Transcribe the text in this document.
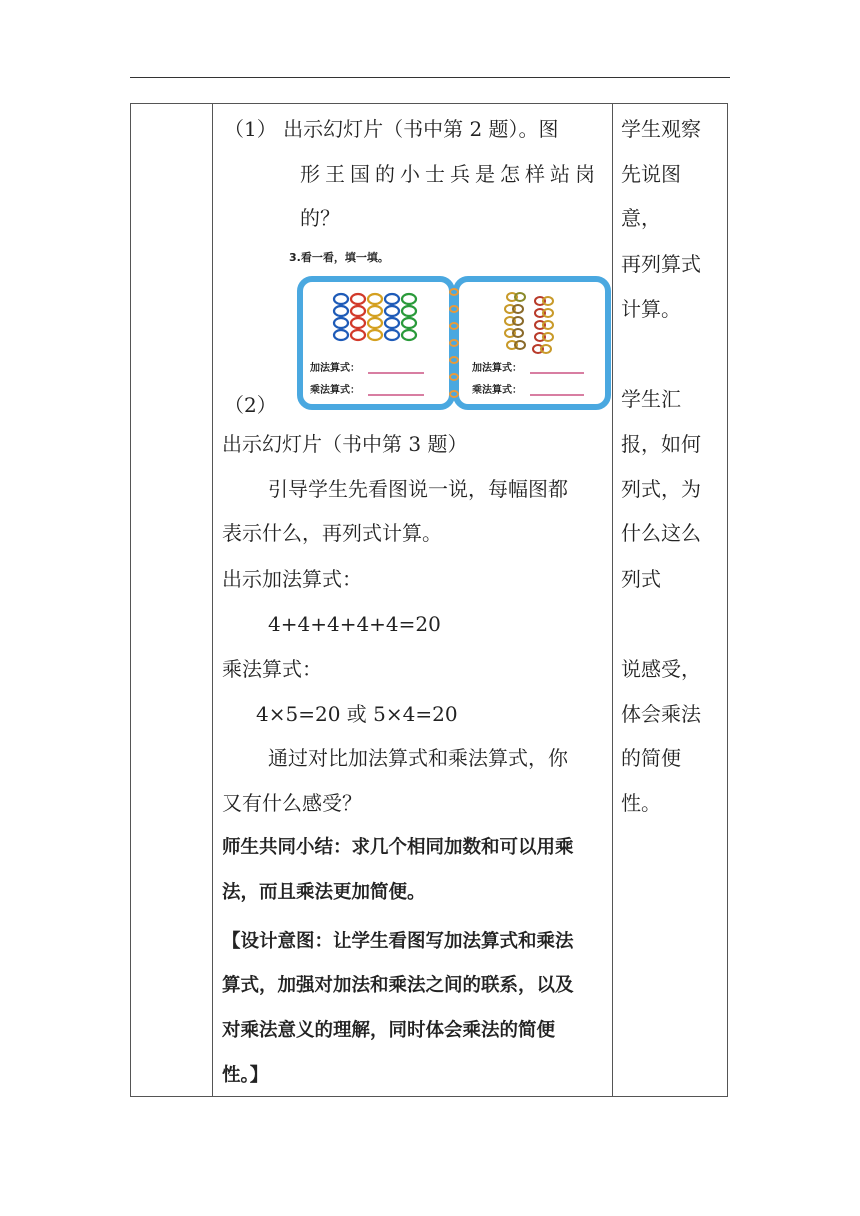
（1） 出示幻灯片（书中第 2 题）。图
形王国的小士兵是怎样站岗
的？
3.看一看，填一填。
加法算式：
乘法算式：
加法算式：
乘法算式：
（2）
出示幻灯片（书中第 3 题）
引导学生先看图说一说，每幅图都
表示什么，再列式计算。
出示加法算式：
4+4+4+4+4=20
乘法算式：
4×5=20 或 5×4=20
通过对比加法算式和乘法算式，你
又有什么感受？
师生共同小结：求几个相同加数和可以用乘
法，而且乘法更加简便。
【设计意图：让学生看图写加法算式和乘法
算式，加强对加法和乘法之间的联系，以及
对乘法意义的理解，同时体会乘法的简便
性。】
学生观察
先说图
意，
再列算式
计算。
学生汇
报，如何
列式，为
什么这么
列式
说感受，
体会乘法
的简便
性。
